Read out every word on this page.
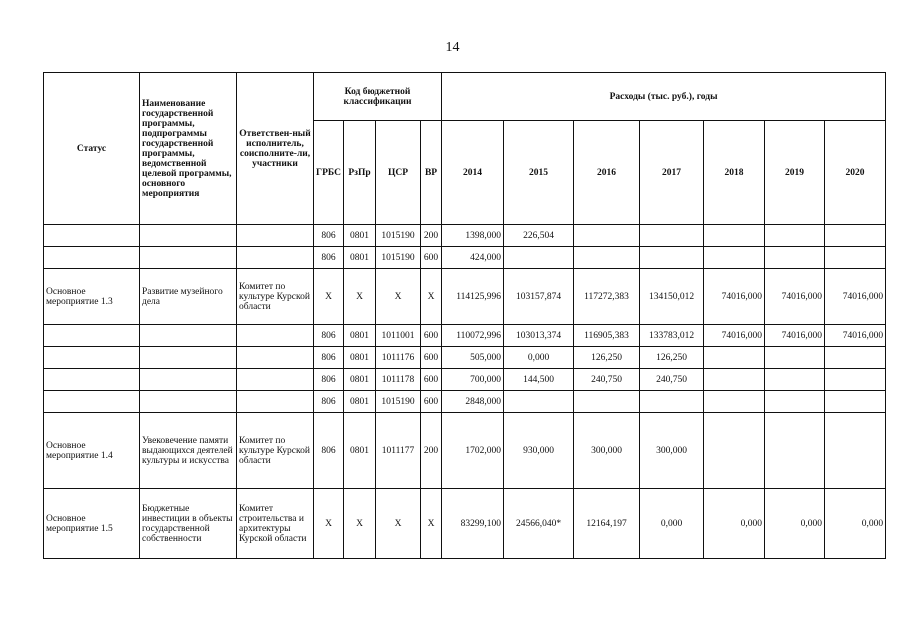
14
Статус	Наименование государственной программы, подпрограммы государственной программы, ведомственной целевой программы, основного мероприятия	Ответствен-ный исполнитель, соисполните-ли, участники	Код бюджетной классификации				Расходы (тыс. руб.), годы						
			ГРБС	РзПр	ЦСР	ВР	2014	2015	2016	2017	2018	2019	2020
			806	0801	1015190	200	1398,000	226,504					
			806	0801	1015190	600	424,000						
Основное мероприятие 1.3	Развитие музейного дела	Комитет по культуре Курской области	X	X	X	X	114125,996	103157,874	117272,383	134150,012	74016,000	74016,000	74016,000
			806	0801	1011001	600	110072,996	103013,374	116905,383	133783,012	74016,000	74016,000	74016,000
			806	0801	1011176	600	505,000	0,000	126,250	126,250			
			806	0801	1011178	600	700,000	144,500	240,750	240,750			
			806	0801	1015190	600	2848,000						
Основное мероприятие 1.4	Увековечение памяти выдающихся деятелей культуры и искусства	Комитет по культуре Курской области	806	0801	1011177	200	1702,000	930,000	300,000	300,000			
Основное мероприятие 1.5	Бюджетные инвестиции в объекты государственной собственности	Комитет строительства и архитектуры Курской области	X	X	X	X	83299,100	24566,040*	12164,197	0,000	0,000	0,000	0,000
